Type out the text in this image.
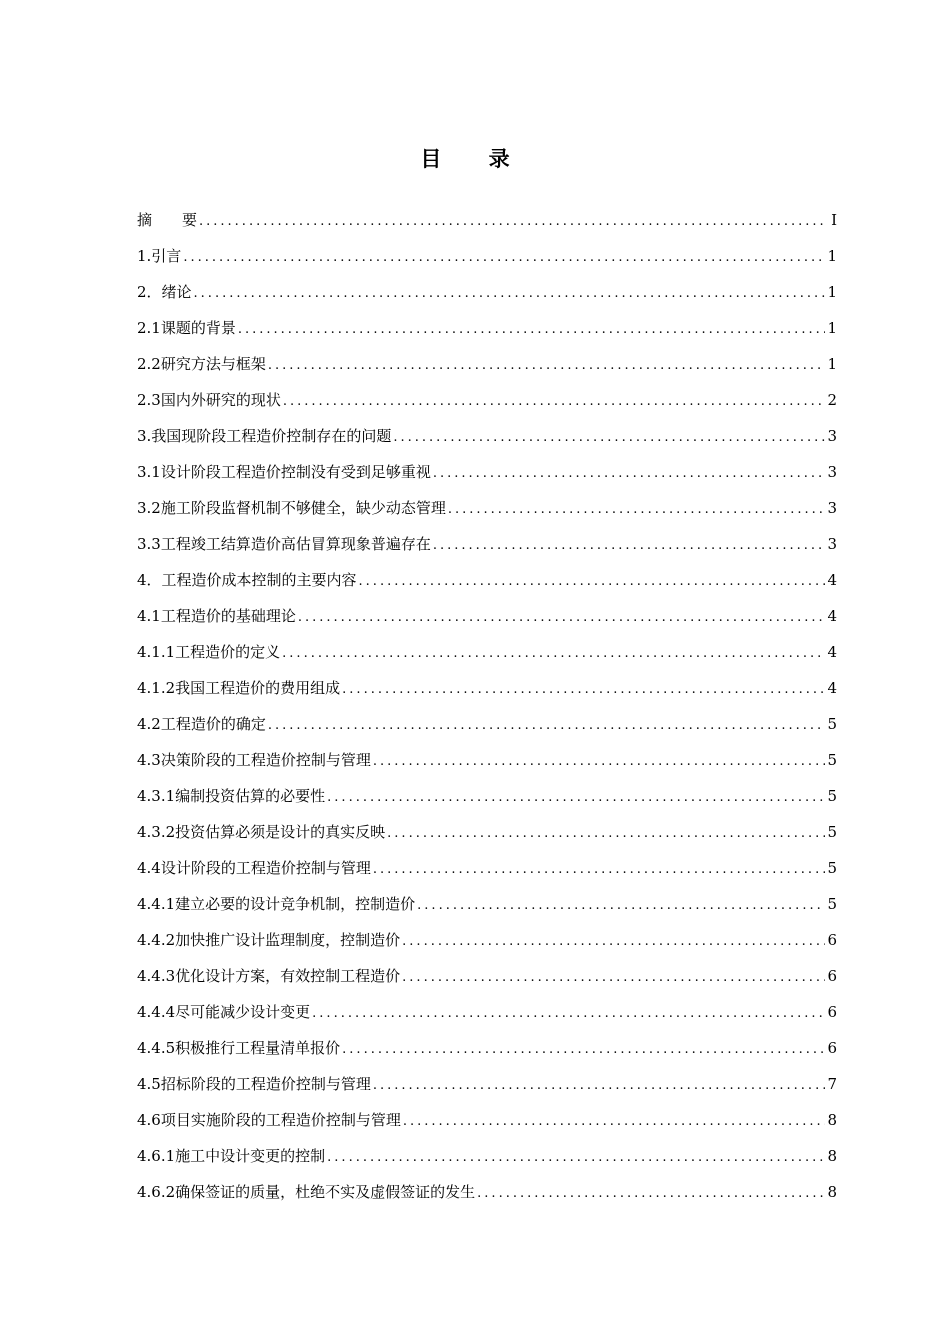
目 录
摘　　要 .....	I
1.引言 .....	1
2．绪论 .....	1
2.1课题的背景 .....	1
2.2研究方法与框架 .....	1
2.3国内外研究的现状 .....	2
3.我国现阶段工程造价控制存在的问题 .....	3
3.1设计阶段工程造价控制没有受到足够重视 .....	3
3.2施工阶段监督机制不够健全，缺少动态管理 .....	3
3.3工程竣工结算造价高估冒算现象普遍存在 .....	3
4．工程造价成本控制的主要内容 .....	4
4.1工程造价的基础理论 .....	4
4.1.1工程造价的定义 .....	4
4.1.2我国工程造价的费用组成 .....	4
4.2工程造价的确定 .....	5
4.3决策阶段的工程造价控制与管理 .....	5
4.3.1编制投资估算的必要性 .....	5
4.3.2投资估算必须是设计的真实反映 .....	5
4.4设计阶段的工程造价控制与管理 .....	5
4.4.1建立必要的设计竞争机制，控制造价 .....	5
4.4.2加快推广设计监理制度，控制造价 .....	6
4.4.3优化设计方案，有效控制工程造价 .....	6
4.4.4尽可能减少设计变更 .....	6
4.4.5积极推行工程量清单报价 .....	6
4.5招标阶段的工程造价控制与管理 .....	7
4.6项目实施阶段的工程造价控制与管理 .....	8
4.6.1施工中设计变更的控制 .....	8
4.6.2确保签证的质量，杜绝不实及虚假签证的发生 .....	8
